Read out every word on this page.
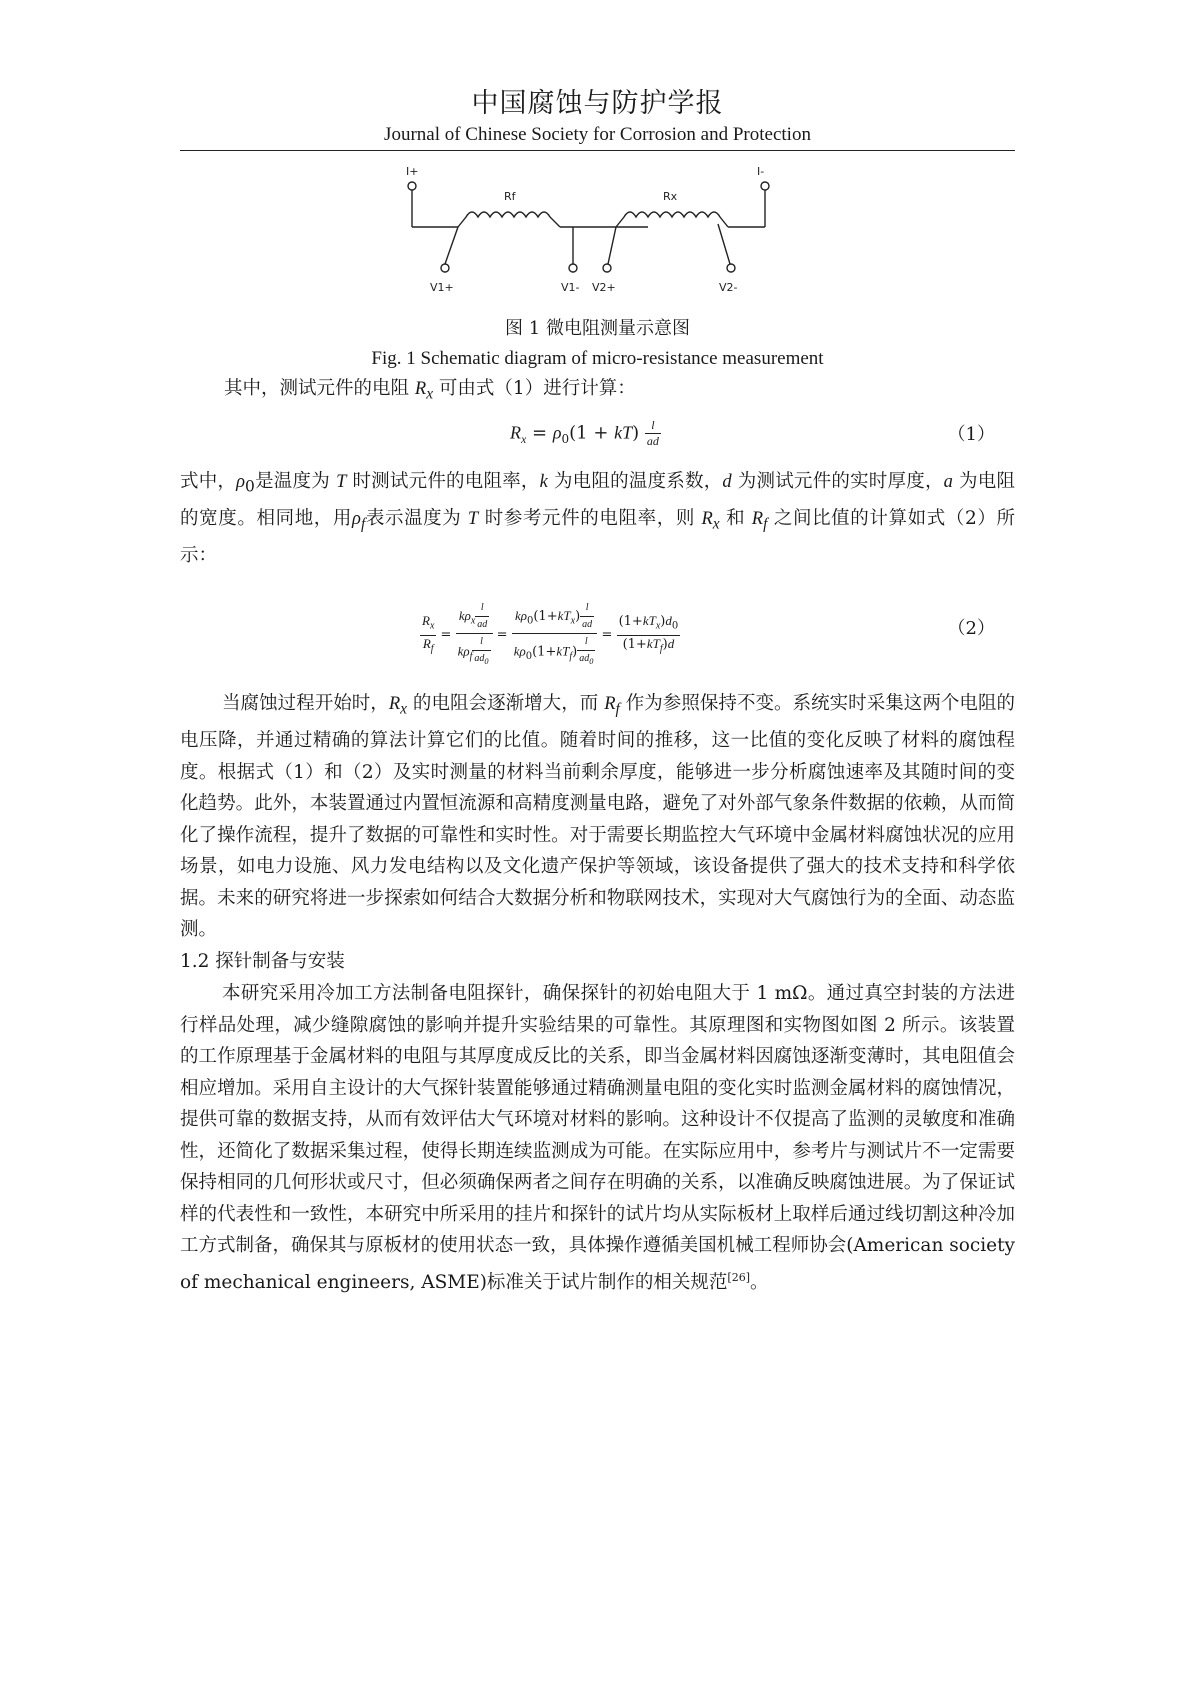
中国腐蚀与防护学报
Journal of Chinese Society for Corrosion and Protection
I+	I-
Rf	Rx
V1+	V1- V2+	V2-
图 1 微电阻测量示意图
Fig. 1 Schematic diagram of micro-resistance measurement

其中，测试元件的电阻 $R_x$ 可由式（1）进行计算：

$R_x = \rho_0(1 + kT) \frac{l}{ad}$	（1）

式中，$\rho_0$是温度为 T 时测试元件的电阻率，k 为电阻的温度系数，d 为测试元件的实时厚度，a 为电阻的宽度。相同地，用$\rho_f$表示温度为 T 时参考元件的电阻率，则 $R_x$ 和 $R_f$ 之间比值的计算如式（2）所示：

$\frac{R_x}{R_f} = \frac{k\rho_x \frac{l}{ad}}{k\rho_f \frac{l}{ad_0}} = \frac{k\rho_0(1+kT_x) \frac{l}{ad}}{k\rho_0(1+kT_f) \frac{l}{ad_0}} = \frac{(1+kT_x)d_0}{(1+kT_f)d}$	（2）

当腐蚀过程开始时，$R_x$ 的电阻会逐渐增大，而 $R_f$ 作为参照保持不变。系统实时采集这两个电阻的电压降，并通过精确的算法计算它们的比值。随着时间的推移，这一比值的变化反映了材料的腐蚀程度。根据式（1）和（2）及实时测量的材料当前剩余厚度，能够进一步分析腐蚀速率及其随时间的变化趋势。此外，本装置通过内置恒流源和高精度测量电路，避免了对外部气象条件数据的依赖，从而简化了操作流程，提升了数据的可靠性和实时性。对于需要长期监控大气环境中金属材料腐蚀状况的应用场景，如电力设施、风力发电结构以及文化遗产保护等领域，该设备提供了强大的技术支持和科学依据。未来的研究将进一步探索如何结合大数据分析和物联网技术，实现对大气腐蚀行为的全面、动态监测。

1.2 探针制备与安装

本研究采用冷加工方法制备电阻探针，确保探针的初始电阻大于 1 mΩ。通过真空封装的方法进行样品处理，减少缝隙腐蚀的影响并提升实验结果的可靠性。其原理图和实物图如图 2 所示。该装置的工作原理基于金属材料的电阻与其厚度成反比的关系，即当金属材料因腐蚀逐渐变薄时，其电阻值会相应增加。采用自主设计的大气探针装置能够通过精确测量电阻的变化实时监测金属材料的腐蚀情况，提供可靠的数据支持，从而有效评估大气环境对材料的影响。这种设计不仅提高了监测的灵敏度和准确性，还简化了数据采集过程，使得长期连续监测成为可能。在实际应用中，参考片与测试片不一定需要保持相同的几何形状或尺寸，但必须确保两者之间存在明确的关系，以准确反映腐蚀进展。为了保证试样的代表性和一致性，本研究中所采用的挂片和探针的试片均从实际板材上取样后通过线切割这种冷加工方式制备，确保其与原板材的使用状态一致，具体操作遵循美国机械工程师协会(American society of mechanical engineers, ASME)标准关于试片制作的相关规范[26]。
